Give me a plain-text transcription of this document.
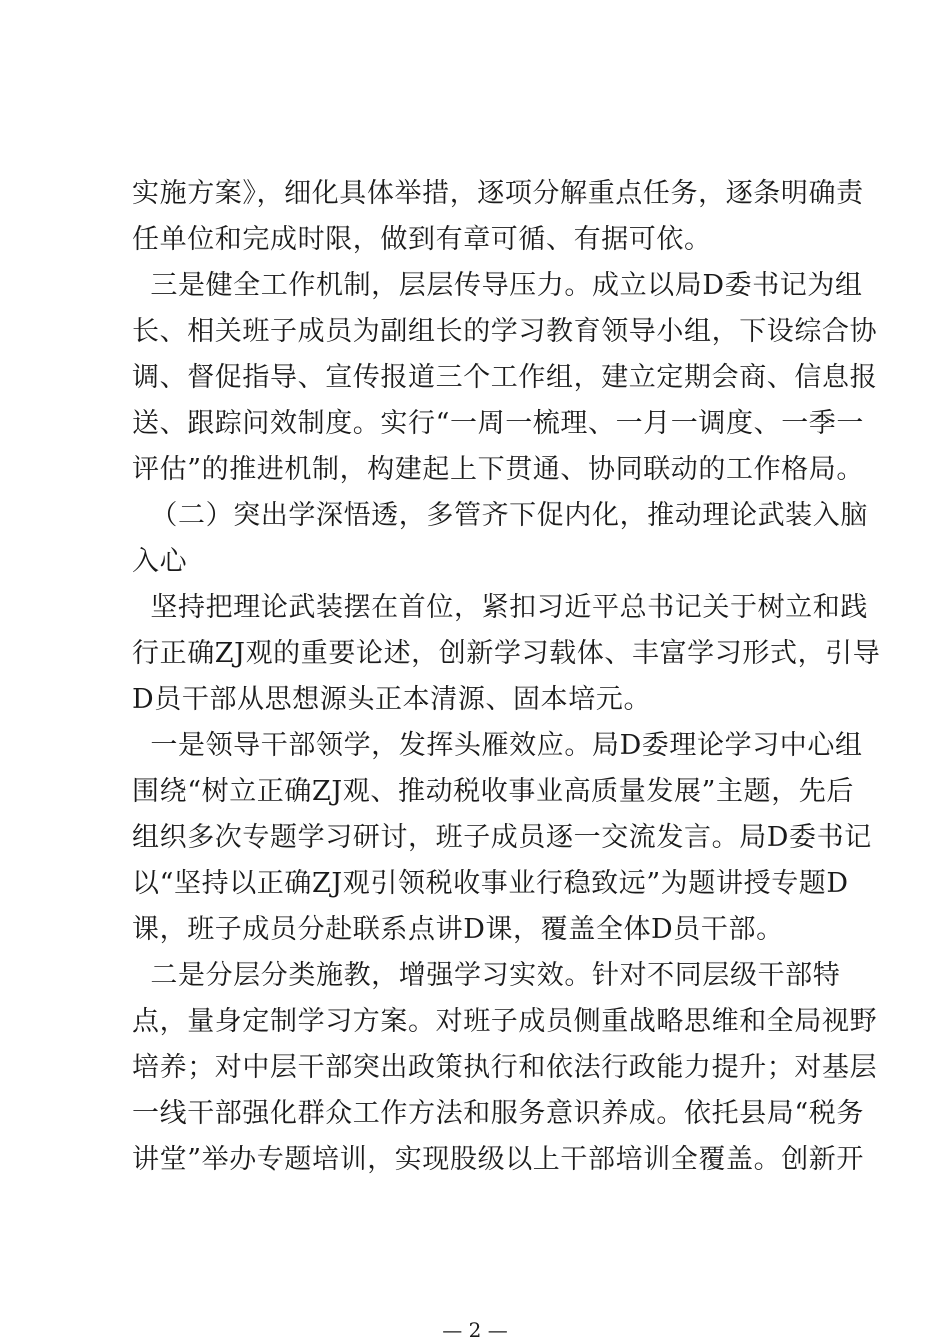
实施方案》，细化具体举措，逐项分解重点任务，逐条明确责
任单位和完成时限，做到有章可循、有据可依。
三是健全工作机制，层层传导压力。成立以局D委书记为组
长、相关班子成员为副组长的学习教育领导小组，下设综合协
调、督促指导、宣传报道三个工作组，建立定期会商、信息报
送、跟踪问效制度。实行“一周一梳理、一月一调度、一季一
评估”的推进机制，构建起上下贯通、协同联动的工作格局。
（二）突出学深悟透，多管齐下促内化，推动理论武装入脑
入心
坚持把理论武装摆在首位，紧扣习近平总书记关于树立和践
行正确ZJ观的重要论述，创新学习载体、丰富学习形式，引导
D员干部从思想源头正本清源、固本培元。
一是领导干部领学，发挥头雁效应。局D委理论学习中心组
围绕“树立正确ZJ观、推动税收事业高质量发展”主题，先后
组织多次专题学习研讨，班子成员逐一交流发言。局D委书记
以“坚持以正确ZJ观引领税收事业行稳致远”为题讲授专题D
课，班子成员分赴联系点讲D课，覆盖全体D员干部。
二是分层分类施教，增强学习实效。针对不同层级干部特
点，量身定制学习方案。对班子成员侧重战略思维和全局视野
培养；对中层干部突出政策执行和依法行政能力提升；对基层
一线干部强化群众工作方法和服务意识养成。依托县局“税务
讲堂”举办专题培训，实现股级以上干部培训全覆盖。创新开
— 2 —
